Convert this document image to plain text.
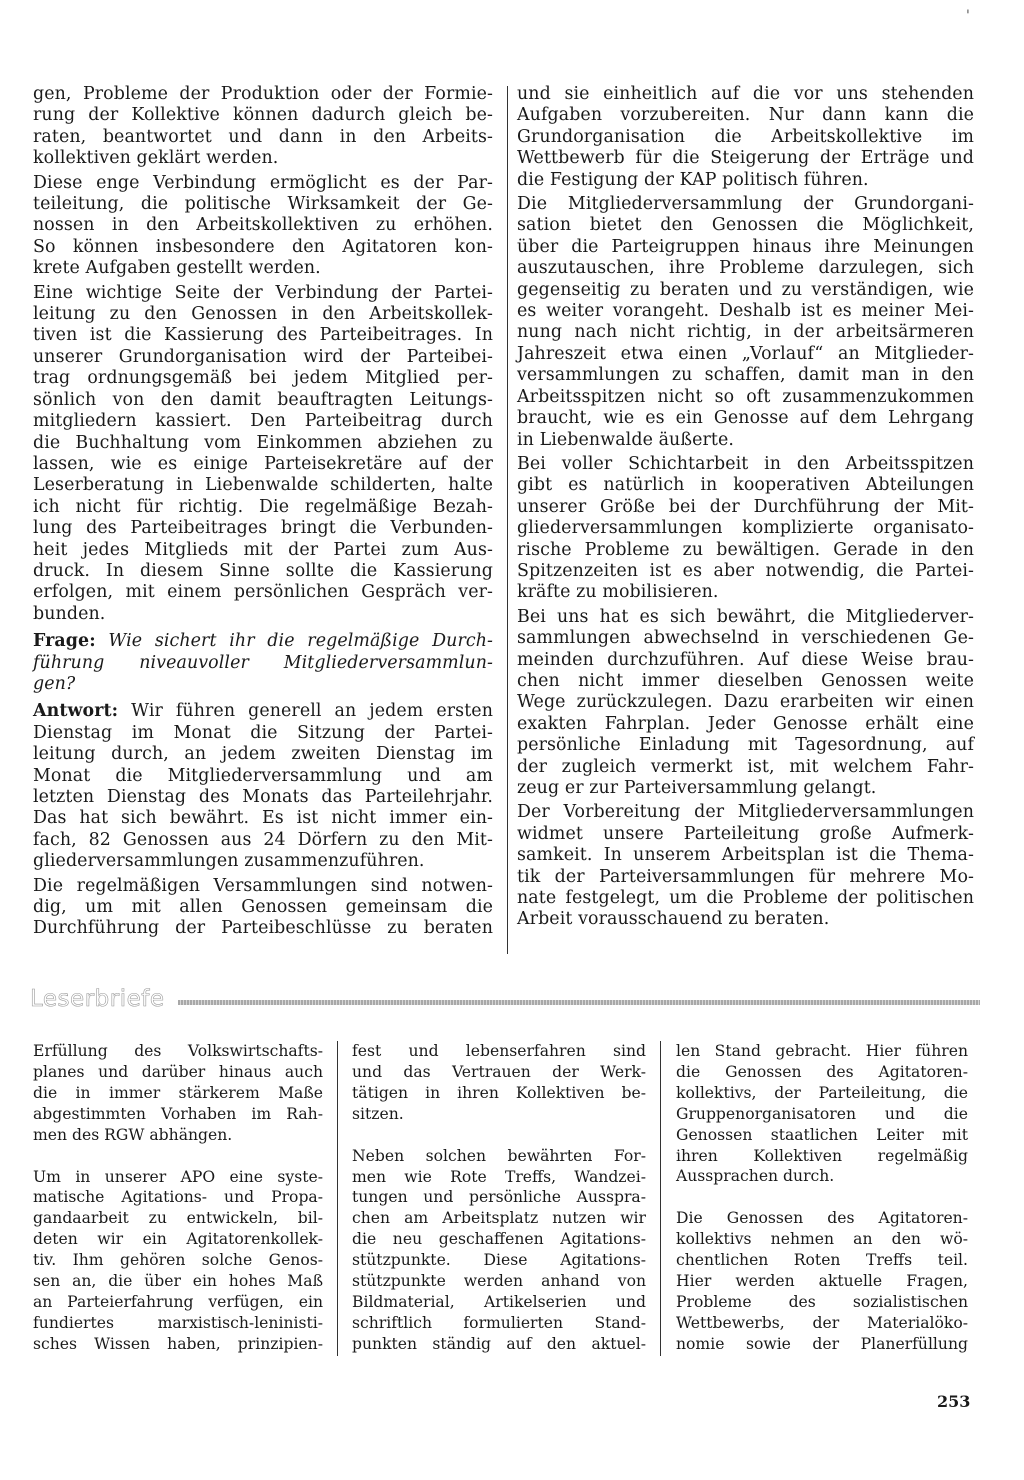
'

gen, Probleme der Produktion oder der Formie-
rung der Kollektive können dadurch gleich be-
raten, beantwortet und dann in den Arbeits-
kollektiven geklärt werden.

Diese enge Verbindung ermöglicht es der Par-
teileitung, die politische Wirksamkeit der Ge-
nossen in den Arbeitskollektiven zu erhöhen.
So können insbesondere den Agitatoren kon-
krete Aufgaben gestellt werden.

Eine wichtige Seite der Verbindung der Partei-
leitung zu den Genossen in den Arbeitskollek-
tiven ist die Kassierung des Parteibeitrages. In
unserer Grundorganisation wird der Parteibei-
trag ordnungsgemäß bei jedem Mitglied per-
sönlich von den damit beauftragten Leitungs-
mitgliedern kassiert. Den Parteibeitrag durch
die Buchhaltung vom Einkommen abziehen zu
lassen, wie es einige Parteisekretäre auf der
Leserberatung in Liebenwalde schilderten, halte
ich nicht für richtig. Die regelmäßige Bezah-
lung des Parteibeitrages bringt die Verbunden-
heit jedes Mitglieds mit der Partei zum Aus-
druck. In diesem Sinne sollte die Kassierung
erfolgen, mit einem persönlichen Gespräch ver-
bunden.

Frage: Wie sichert ihr die regelmäßige Durch-
führung niveauvoller Mitgliederversammlun-
gen?

Antwort: Wir führen generell an jedem ersten
Dienstag im Monat die Sitzung der Partei-
leitung durch, an jedem zweiten Dienstag im
Monat die Mitgliederversammlung und am
letzten Dienstag des Monats das Parteilehrjahr.
Das hat sich bewährt. Es ist nicht immer ein-
fach, 82 Genossen aus 24 Dörfern zu den Mit-
gliederversammlungen zusammenzuführen.

Die regelmäßigen Versammlungen sind notwen-
dig, um mit allen Genossen gemeinsam die
Durchführung der Parteibeschlüsse zu beraten

und sie einheitlich auf die vor uns stehenden
Aufgaben vorzubereiten. Nur dann kann die
Grundorganisation die Arbeitskollektive im
Wettbewerb für die Steigerung der Erträge und
die Festigung der KAP politisch führen.

Die Mitgliederversammlung der Grundorgani-
sation bietet den Genossen die Möglichkeit,
über die Parteigruppen hinaus ihre Meinungen
auszutauschen, ihre Probleme darzulegen, sich
gegenseitig zu beraten und zu verständigen, wie
es weiter vorangeht. Deshalb ist es meiner Mei-
nung nach nicht richtig, in der arbeitsärmeren
Jahreszeit etwa einen „Vorlauf“ an Mitglieder-
versammlungen zu schaffen, damit man in den
Arbeitsspitzen nicht so oft zusammenzukommen
braucht, wie es ein Genosse auf dem Lehrgang
in Liebenwalde äußerte.

Bei voller Schichtarbeit in den Arbeitsspitzen
gibt es natürlich in kooperativen Abteilungen
unserer Größe bei der Durchführung der Mit-
gliederversammlungen komplizierte organisato-
rische Probleme zu bewältigen. Gerade in den
Spitzenzeiten ist es aber notwendig, die Partei-
kräfte zu mobilisieren.

Bei uns hat es sich bewährt, die Mitgliederver-
sammlungen abwechselnd in verschiedenen Ge-
meinden durchzuführen. Auf diese Weise brau-
chen nicht immer dieselben Genossen weite
Wege zurückzulegen. Dazu erarbeiten wir einen
exakten Fahrplan. Jeder Genosse erhält eine
persönliche Einladung mit Tagesordnung, auf
der zugleich vermerkt ist, mit welchem Fahr-
zeug er zur Parteiversammlung gelangt.

Der Vorbereitung der Mitgliederversammlungen
widmet unsere Parteileitung große Aufmerk-
samkeit. In unserem Arbeitsplan ist die Thema-
tik der Parteiversammlungen für mehrere Mo-
nate festgelegt, um die Probleme der politischen
Arbeit vorausschauend zu beraten.

Leserbriefe

Erfüllung des Volkswirtschafts-
planes und darüber hinaus auch
die in immer stärkerem Maße
abgestimmten Vorhaben im Rah-
men des RGW abhängen.

Um in unserer APO eine syste-
matische Agitations- und Propa-
gandaarbeit zu entwickeln, bil-
deten wir ein Agitatorenkollek-
tiv. Ihm gehören solche Genos-
sen an, die über ein hohes Maß
an Parteierfahrung verfügen, ein
fundiertes marxistisch-leninisti-
sches Wissen haben, prinzipien-

fest und lebenserfahren sind
und das Vertrauen der Werk-
tätigen in ihren Kollektiven be-
sitzen.

Neben solchen bewährten For-
men wie Rote Treffs, Wandzei-
tungen und persönliche Ausspra-
chen am Arbeitsplatz nutzen wir
die neu geschaffenen Agitations-
stützpunkte. Diese Agitations-
stützpunkte werden anhand von
Bildmaterial, Artikelserien und
schriftlich formulierten Stand-
punkten ständig auf den aktuel-

len Stand gebracht. Hier führen
die Genossen des Agitatoren-
kollektivs, der Parteileitung, die
Gruppenorganisatoren und die
Genossen staatlichen Leiter mit
ihren Kollektiven regelmäßig
Aussprachen durch.

Die Genossen des Agitatoren-
kollektivs nehmen an den wö-
chentlichen Roten Treffs teil.
Hier werden aktuelle Fragen,
Probleme des sozialistischen
Wettbewerbs, der Materialöko-
nomie sowie der Planerfüllung

253
